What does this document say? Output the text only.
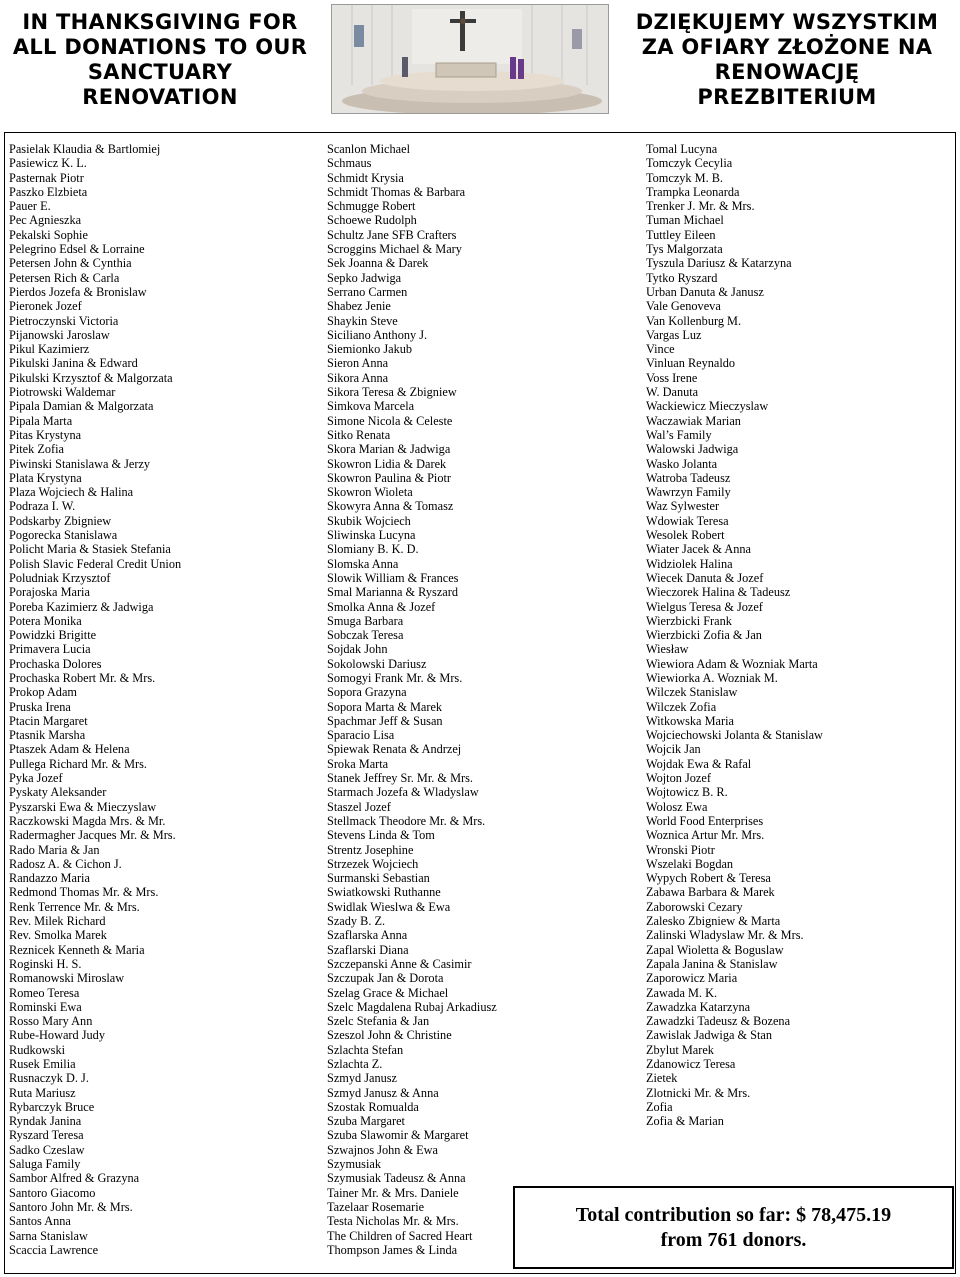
IN THANKSGIVING FOR
ALL DONATIONS TO OUR
SANCTUARY
RENOVATION
DZIĘKUJEMY WSZYSTKIM
ZA OFIARY ZŁOŻONE NA
RENOWACJĘ
PREZBITERIUM
Pasielak Klaudia & Bartlomiej
Pasiewicz K. L.
Pasternak Piotr
Paszko Elzbieta
Pauer E.
Pec Agnieszka
Pekalski Sophie
Pelegrino Edsel & Lorraine
Petersen John & Cynthia
Petersen Rich & Carla
Pierdos Jozefa & Bronislaw
Pieronek Jozef
Pietroczynski Victoria
Pijanowski Jaroslaw
Pikul Kazimierz
Pikulski Janina & Edward
Pikulski Krzysztof & Malgorzata
Piotrowski Waldemar
Pipala Damian & Malgorzata
Pipala Marta
Pitas Krystyna
Pitek Zofia
Piwinski Stanislawa & Jerzy
Plata Krystyna
Plaza Wojciech & Halina
Podraza I. W.
Podskarby Zbigniew
Pogorecka Stanislawa
Policht Maria & Stasiek Stefania
Polish Slavic Federal Credit Union
Poludniak Krzysztof
Porajoska Maria
Poreba Kazimierz & Jadwiga
Potera Monika
Powidzki Brigitte
Primavera Lucia
Prochaska Dolores
Prochaska Robert Mr. & Mrs.
Prokop Adam
Pruska Irena
Ptacin Margaret
Ptasnik Marsha
Ptaszek Adam & Helena
Pullega Richard Mr. & Mrs.
Pyka Jozef
Pyskaty Aleksander
Pyszarski Ewa & Mieczyslaw
Raczkowski Magda Mrs. & Mr.
Radermagher Jacques Mr. & Mrs.
Rado Maria & Jan
Radosz A. & Cichon J.
Randazzo Maria
Redmond Thomas Mr. & Mrs.
Renk Terrence Mr. & Mrs.
Rev. Milek Richard
Rev. Smolka Marek
Reznicek Kenneth & Maria
Roginski H. S.
Romanowski Miroslaw
Romeo Teresa
Rominski Ewa
Rosso Mary Ann
Rube-Howard Judy
Rudkowski
Rusek Emilia
Rusnaczyk D. J.
Ruta Mariusz
Rybarczyk Bruce
Ryndak Janina
Ryszard Teresa
Sadko Czeslaw
Saluga Family
Sambor Alfred & Grazyna
Santoro Giacomo
Santoro John Mr. & Mrs.
Santos Anna
Sarna Stanislaw
Scaccia Lawrence
Scanlon Michael
Schmaus
Schmidt Krysia
Schmidt Thomas & Barbara
Schmugge Robert
Schoewe Rudolph
Schultz Jane SFB Crafters
Scroggins Michael & Mary
Sek Joanna & Darek
Sepko Jadwiga
Serrano Carmen
Shabez Jenie
Shaykin Steve
Siciliano Anthony J.
Siemionko Jakub
Sieron Anna
Sikora Anna
Sikora Teresa & Zbigniew
Simkova Marcela
Simone Nicola & Celeste
Sitko Renata
Skora Marian & Jadwiga
Skowron Lidia & Darek
Skowron Paulina & Piotr
Skowron Wioleta
Skowyra Anna & Tomasz
Skubik Wojciech
Sliwinska Lucyna
Slomiany B. K. D.
Slomska Anna
Slowik William & Frances
Smal Marianna & Ryszard
Smolka Anna & Jozef
Smuga Barbara
Sobczak Teresa
Sojdak John
Sokolowski Dariusz
Somogyi Frank Mr. & Mrs.
Sopora Grazyna
Sopora Marta & Marek
Spachmar Jeff & Susan
Sparacio Lisa
Spiewak Renata & Andrzej
Sroka Marta
Stanek Jeffrey Sr. Mr. & Mrs.
Starmach Jozefa & Wladyslaw
Staszel Jozef
Stellmack Theodore Mr. & Mrs.
Stevens Linda & Tom
Strentz Josephine
Strzezek Wojciech
Surmanski Sebastian
Swiatkowski Ruthanne
Swidlak Wieslwa & Ewa
Szady B. Z.
Szaflarska Anna
Szaflarski Diana
Szczepanski Anne & Casimir
Szczupak Jan & Dorota
Szelag Grace & Michael
Szelc Magdalena Rubaj Arkadiusz
Szelc Stefania & Jan
Szeszol John & Christine
Szlachta Stefan
Szlachta Z.
Szmyd Janusz
Szmyd Janusz & Anna
Szostak Romualda
Szuba Margaret
Szuba Slawomir & Margaret
Szwajnos John & Ewa
Szymusiak
Szymusiak Tadeusz & Anna
Tainer Mr. & Mrs. Daniele
Tazelaar Rosemarie
Testa Nicholas Mr. & Mrs.
The Children of Sacred Heart
Thompson James & Linda
Tomal Lucyna
Tomczyk Cecylia
Tomczyk M. B.
Trampka Leonarda
Trenker J. Mr. & Mrs.
Tuman Michael
Tuttley Eileen
Tys Malgorzata
Tyszula Dariusz & Katarzyna
Tytko Ryszard
Urban Danuta & Janusz
Vale Genoveva
Van Kollenburg M.
Vargas Luz
Vince
Vinluan Reynaldo
Voss Irene
W. Danuta
Wackiewicz Mieczyslaw
Waczawiak Marian
Wal’s Family
Walowski Jadwiga
Wasko Jolanta
Watroba Tadeusz
Wawrzyn Family
Waz Sylwester
Wdowiak Teresa
Wesolek Robert
Wiater Jacek & Anna
Widziolek Halina
Wiecek Danuta & Jozef
Wieczorek Halina & Tadeusz
Wielgus Teresa & Jozef
Wierzbicki Frank
Wierzbicki Zofia & Jan
Wiesław
Wiewiora Adam & Wozniak Marta
Wiewiorka A. Wozniak M.
Wilczek Stanislaw
Wilczek Zofia
Witkowska Maria
Wojciechowski Jolanta & Stanislaw
Wojcik Jan
Wojdak Ewa & Rafal
Wojton Jozef
Wojtowicz B. R.
Wolosz Ewa
World Food Enterprises
Woznica Artur Mr. Mrs.
Wronski Piotr
Wszelaki Bogdan
Wypych Robert & Teresa
Zabawa Barbara & Marek
Zaborowski Cezary
Zalesko Zbigniew & Marta
Zalinski Wladyslaw Mr. & Mrs.
Zapal Wioletta & Boguslaw
Zapala Janina & Stanislaw
Zaporowicz Maria
Zawada M. K.
Zawadzka Katarzyna
Zawadzki Tadeusz & Bozena
Zawislak Jadwiga & Stan
Zbylut Marek
Zdanowicz Teresa
Zietek
Zlotnicki Mr. & Mrs.
Zofia
Zofia & Marian
Total contribution so far: $ 78,475.19
from 761 donors.
